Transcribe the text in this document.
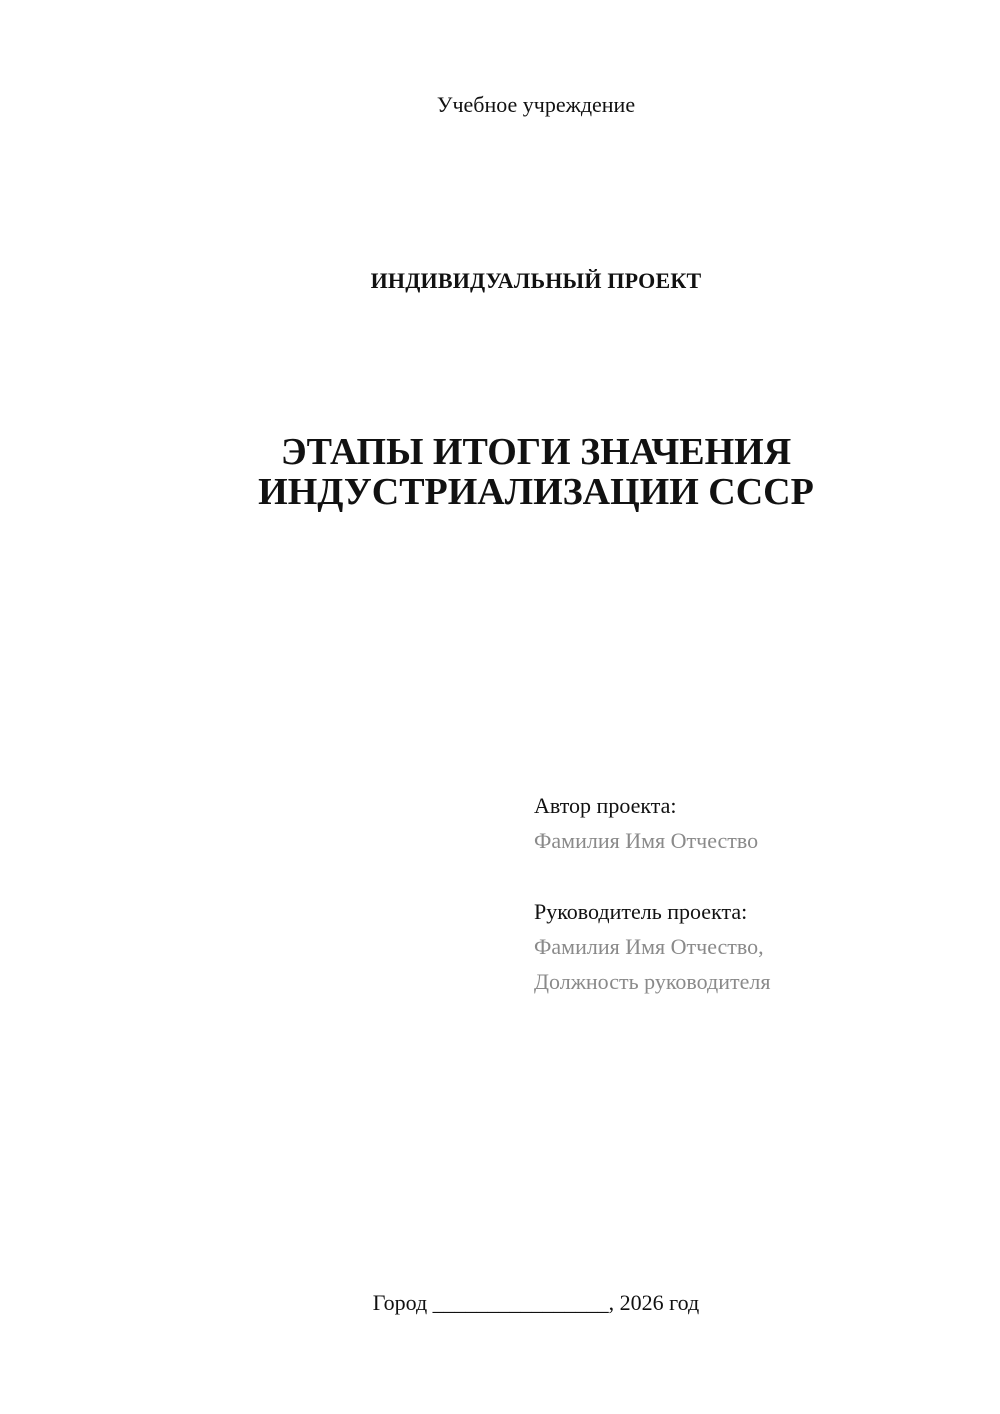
Учебное учреждение
ИНДИВИДУАЛЬНЫЙ ПРОЕКТ
ЭТАПЫ ИТОГИ ЗНАЧЕНИЯ
ИНДУСТРИАЛИЗАЦИИ СССР
Автор проекта:
Фамилия Имя Отчество
Руководитель проекта:
Фамилия Имя Отчество,
Должность руководителя
Город ________________, 2026 год
